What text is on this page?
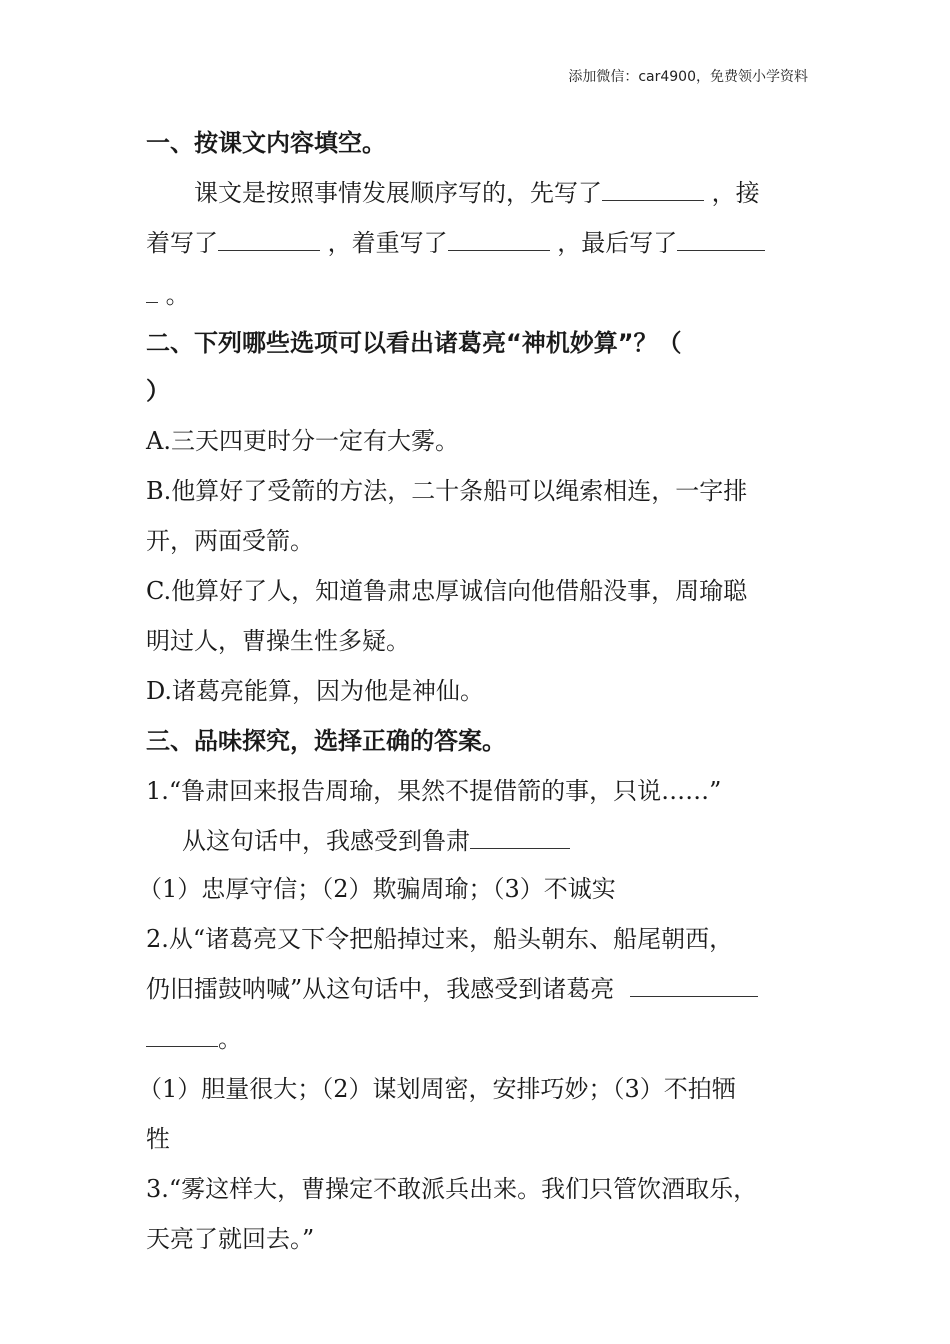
添加微信：car4900，免费领小学资料
一、按课文内容填空。
课文是按照事情发展顺序写的，先写了	，接
着写了	，着重写了	，最后写了
。
二、下列哪些选项可以看出诸葛亮“神机妙算”？（
）
A.三天四更时分一定有大雾。
B.他算好了受箭的方法，二十条船可以绳索相连，一字排
开，两面受箭。
C.他算好了人，知道鲁肃忠厚诚信向他借船没事，周瑜聪
明过人，曹操生性多疑。
D.诸葛亮能算，因为他是神仙。
三、品味探究，选择正确的答案。
1.“鲁肃回来报告周瑜，果然不提借箭的事，只说……”
从这句话中，我感受到鲁肃
（1）忠厚守信；（2）欺骗周瑜；（3）不诚实
2.从“诸葛亮又下令把船掉过来，船头朝东、船尾朝西，
仍旧擂鼓呐喊”从这句话中，我感受到诸葛亮
。
（1）胆量很大；（2）谋划周密，安排巧妙；（3）不拍牺
牲
3.“雾这样大，曹操定不敢派兵出来。我们只管饮酒取乐，
天亮了就回去。”
